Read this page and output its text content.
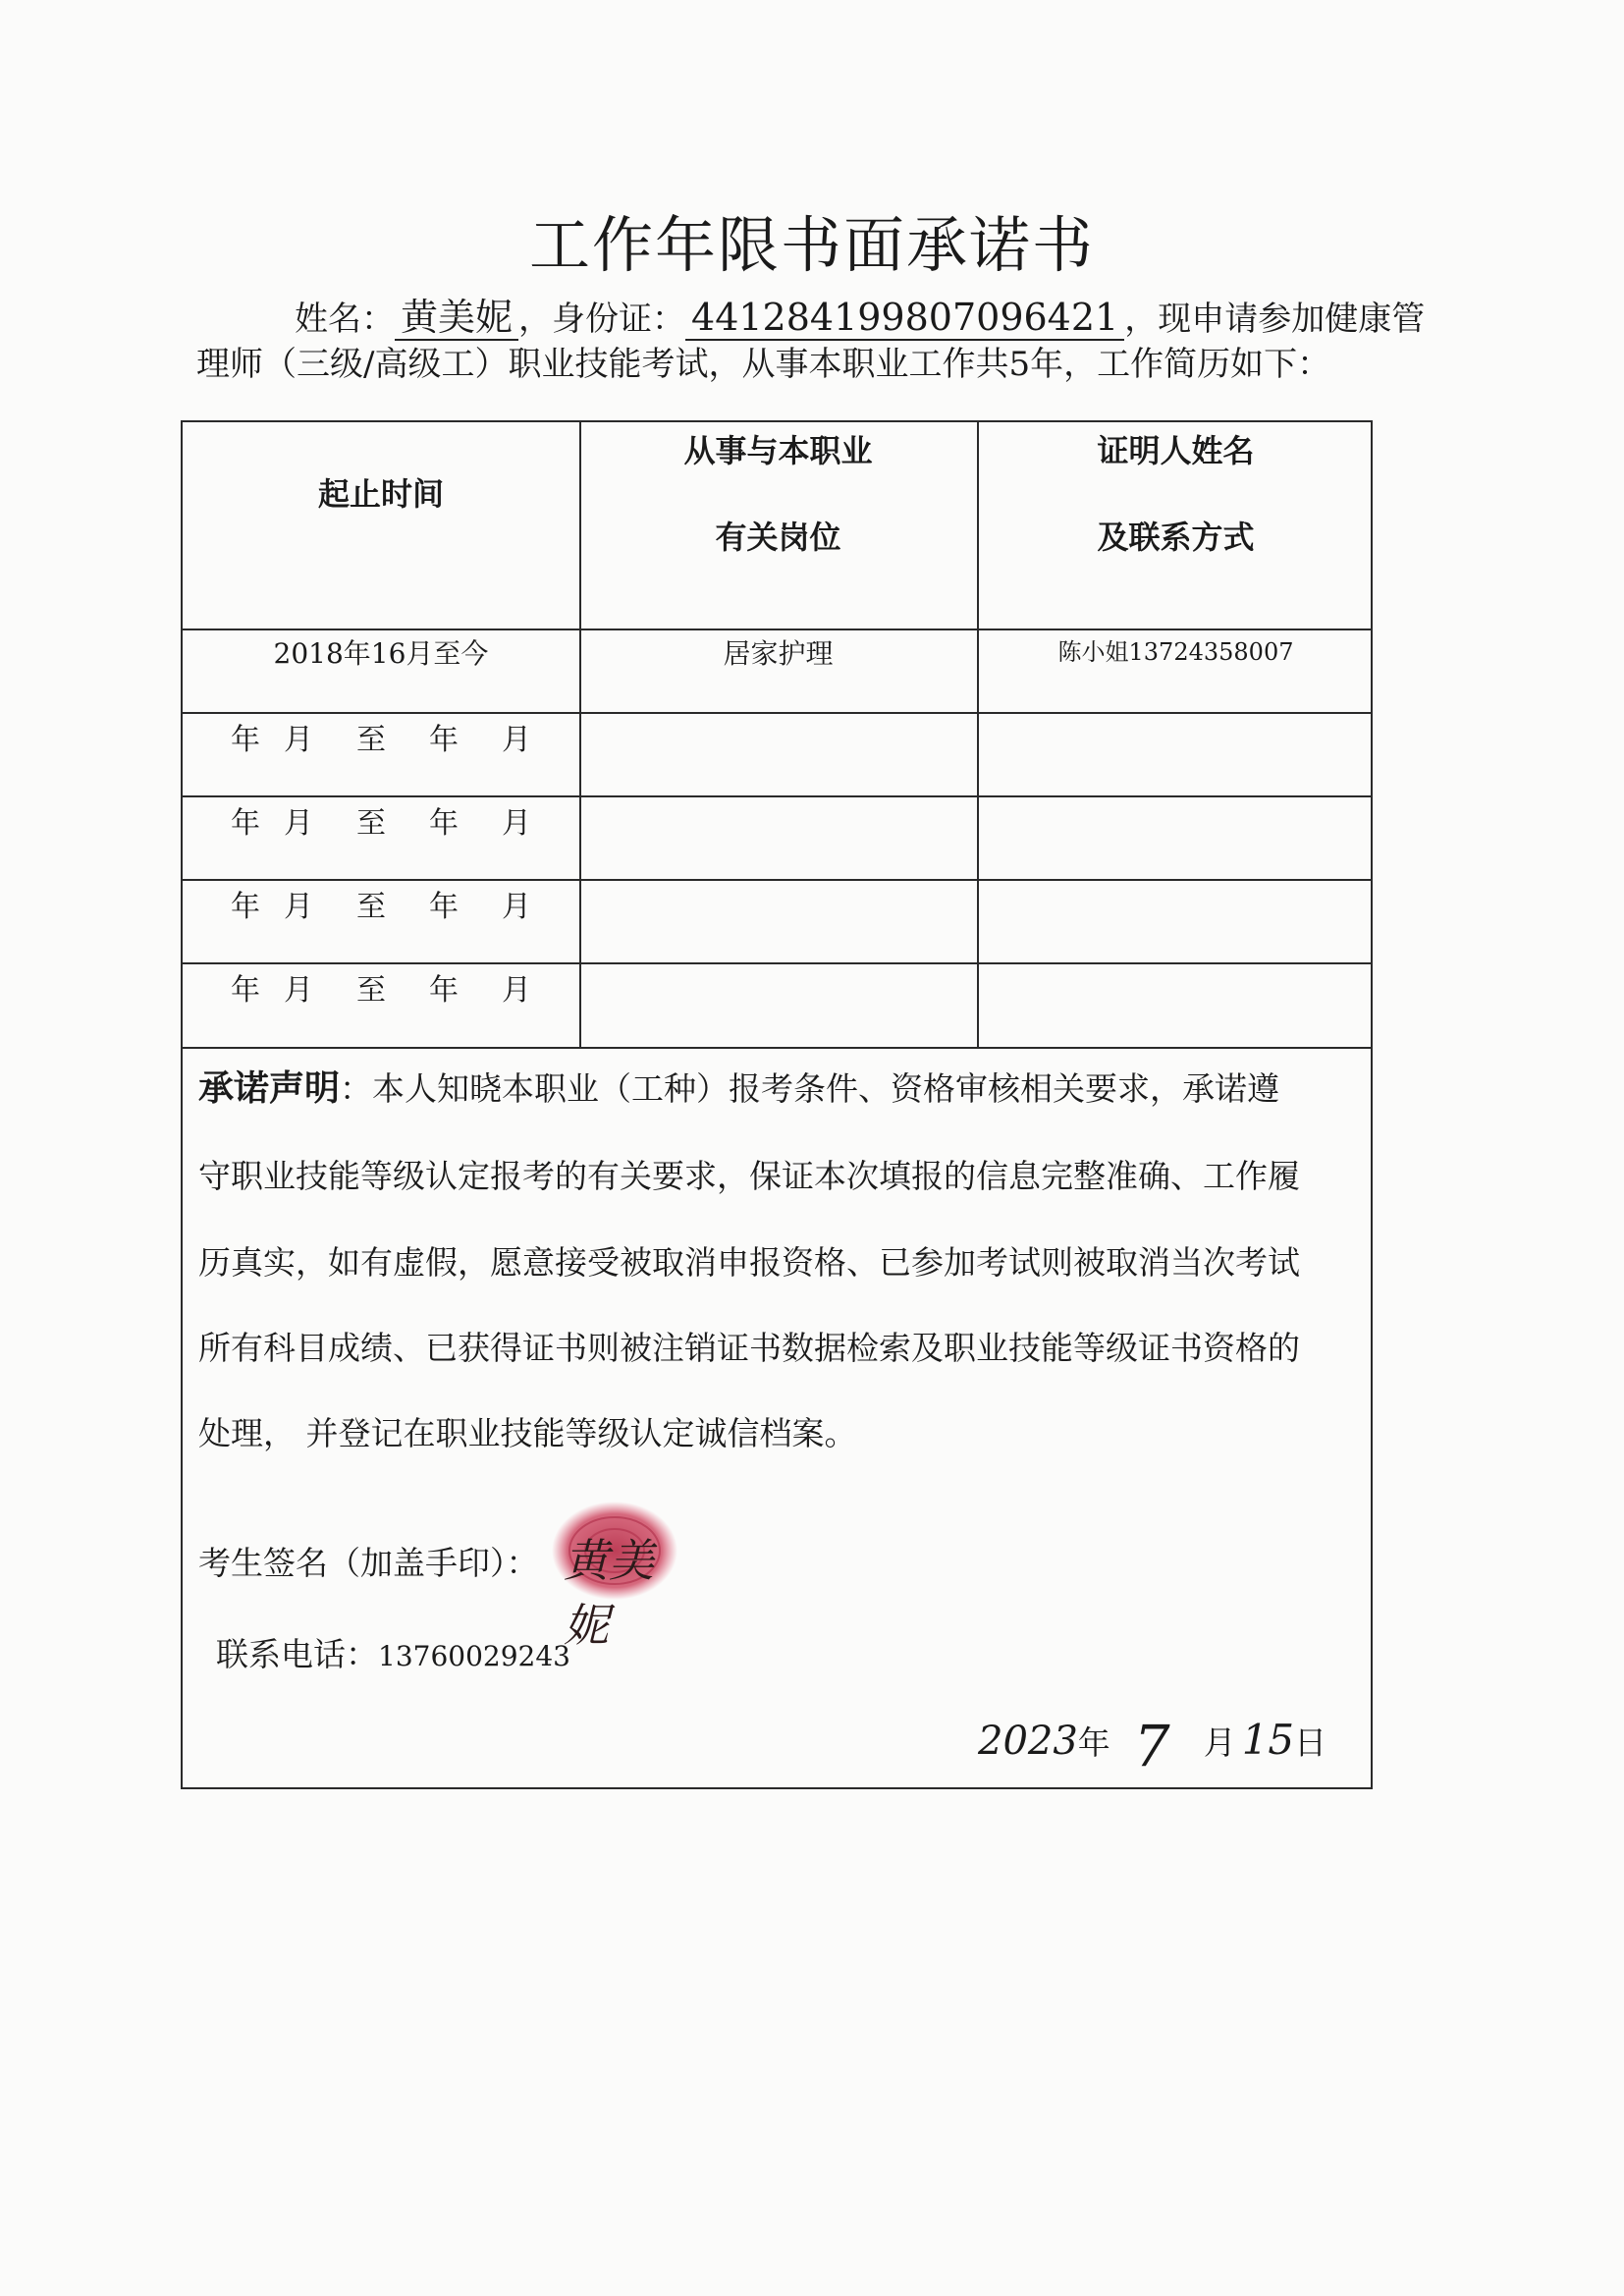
工作年限书面承诺书
姓名： 黄美妮 ，身份证： 441284199807096421 ，现申请参加健康管
理师（三级/高级工）职业技能考试，从事本职业工作共5年，工作简历如下：
起止时间
从事与本职业
有关岗位
证明人姓名
及联系方式
2018年16月至今	居家护理	陈小姐13724358007
年 月 至 年 月
年 月 至 年 月
年 月 至 年 月
年 月 至 年 月
承诺声明：本人知晓本职业（工种）报考条件、资格审核相关要求，承诺遵
守职业技能等级认定报考的有关要求，保证本次填报的信息完整准确、工作履
历真实，如有虚假，愿意接受被取消申报资格、已参加考试则被取消当次考试
所有科目成绩、已获得证书则被注销证书数据检索及职业技能等级证书资格的
处理， 并登记在职业技能等级认定诚信档案。
考生签名（加盖手印）： 黄美妮
联系电话：13760029243
2023年 7 月 15日
